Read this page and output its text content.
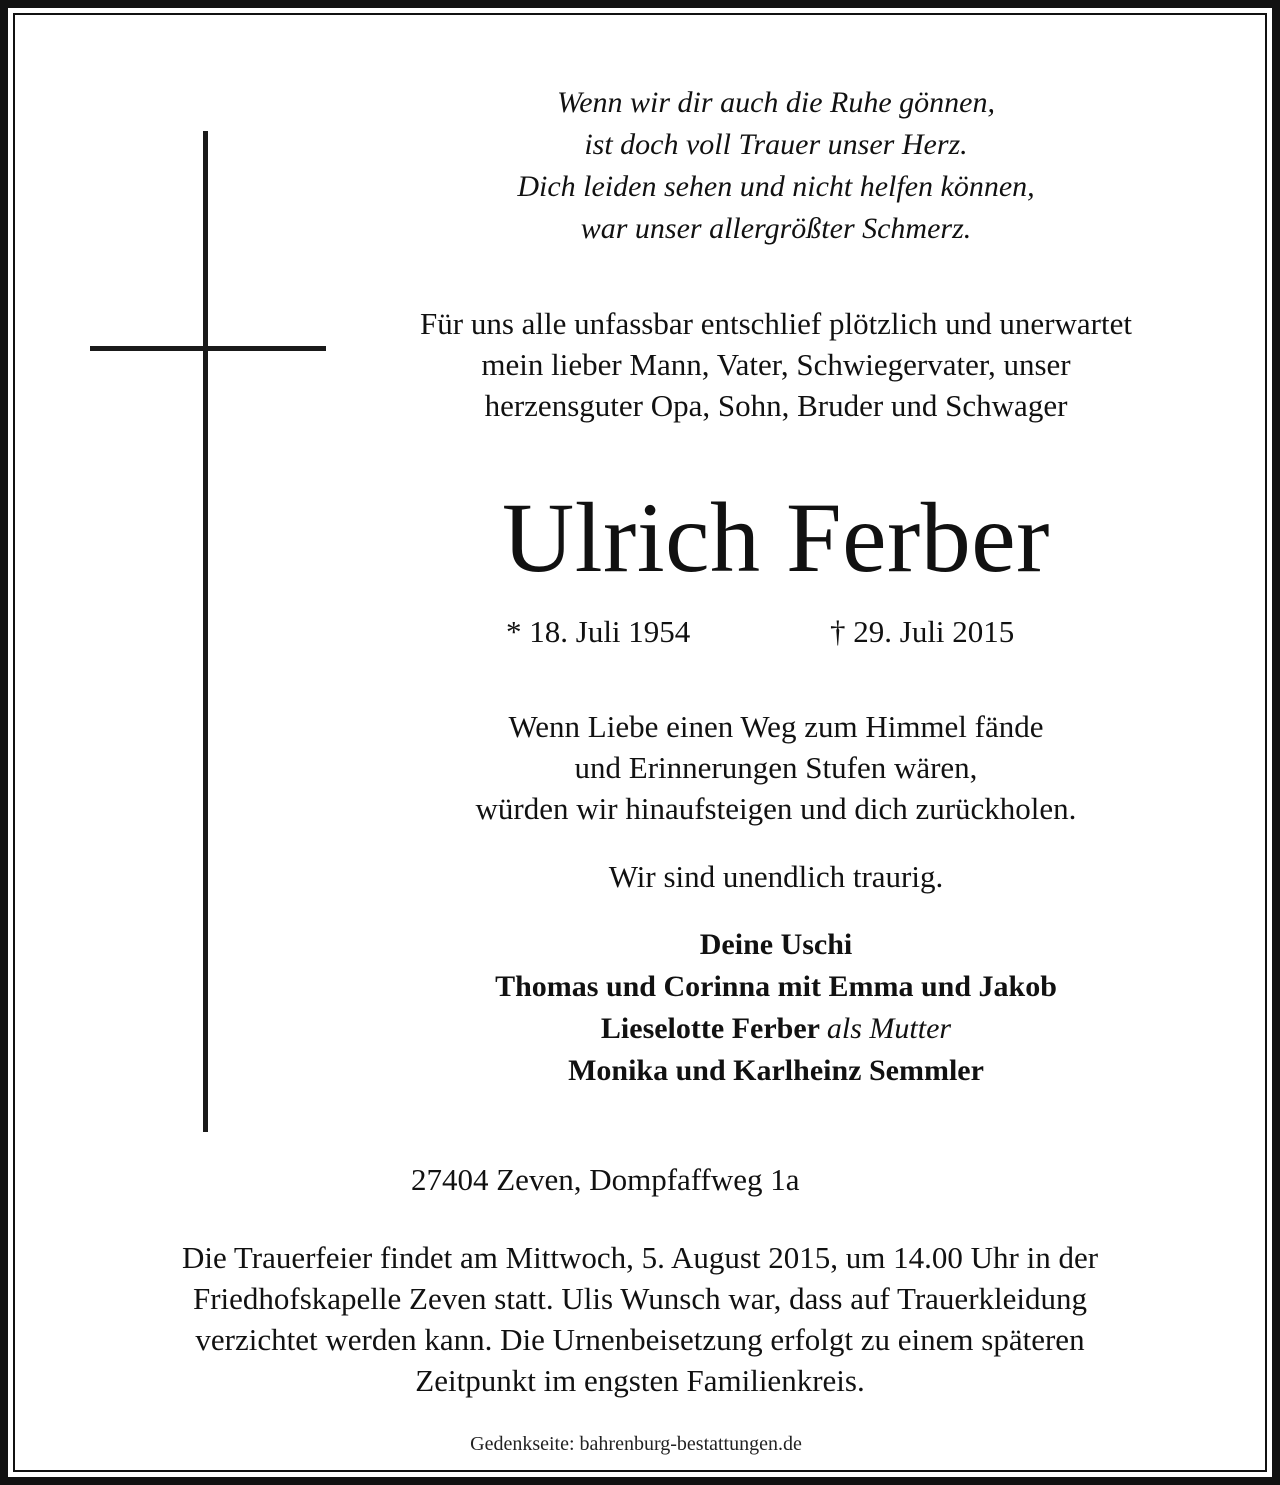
Wenn wir dir auch die Ruhe gönnen,
ist doch voll Trauer unser Herz.
Dich leiden sehen und nicht helfen können,
war unser allergrößter Schmerz.
Für uns alle unfassbar entschlief plötzlich und unerwartet
mein lieber Mann, Vater, Schwiegervater, unser
herzensguter Opa, Sohn, Bruder und Schwager
Ulrich Ferber
* 18. Juli 1954	† 29. Juli 2015
Wenn Liebe einen Weg zum Himmel fände
und Erinnerungen Stufen wären,
würden wir hinaufsteigen und dich zurückholen.
Wir sind unendlich traurig.
Deine Uschi
Thomas und Corinna mit Emma und Jakob
Lieselotte Ferber als Mutter
Monika und Karlheinz Semmler
27404 Zeven, Dompfaffweg 1a
Die Trauerfeier findet am Mittwoch, 5. August 2015, um 14.00 Uhr in der
Friedhofskapelle Zeven statt. Ulis Wunsch war, dass auf Trauerkleidung
verzichtet werden kann. Die Urnenbeisetzung erfolgt zu einem späteren
Zeitpunkt im engsten Familienkreis.
Gedenkseite: bahrenburg-bestattungen.de
